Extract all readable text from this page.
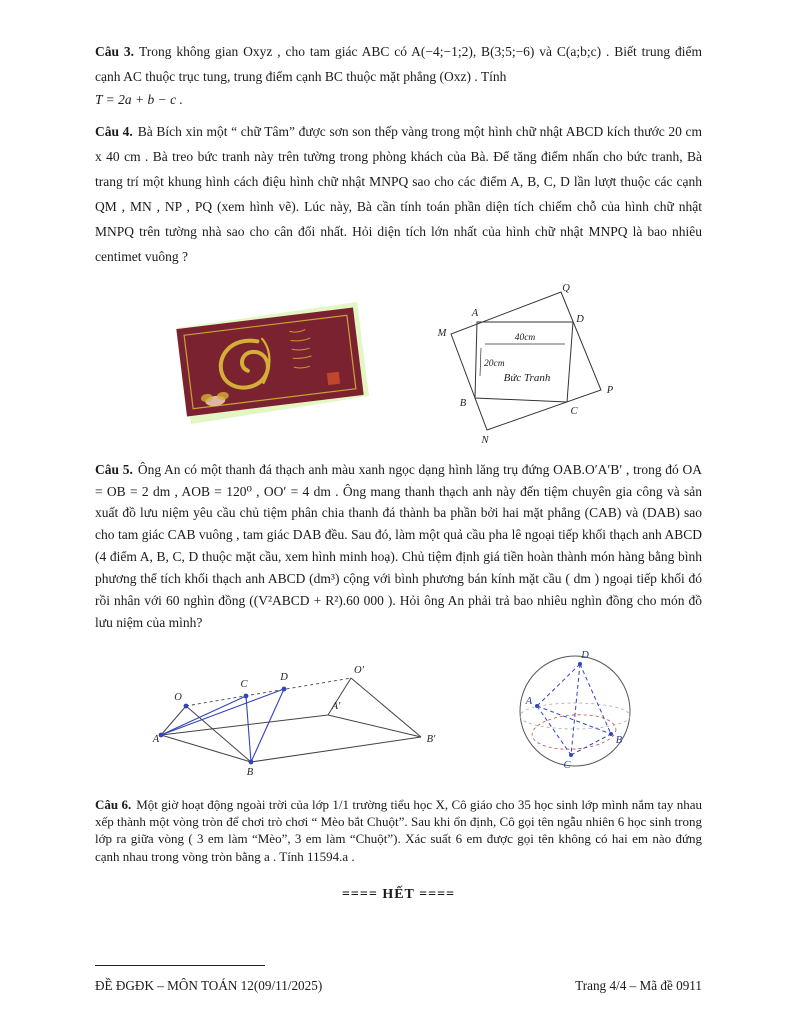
Câu 3. Trong không gian Oxyz , cho tam giác ABC có A(−4;−1;2), B(3;5;−6) và C(a;b;c) . Biết trung điểm cạnh AC thuộc trục tung, trung điểm cạnh BC thuộc mặt phẳng (Oxz) . Tính

T = 2a + b − c .

Câu 4. Bà Bích xin một “ chữ Tâm” được sơn son thếp vàng trong một hình chữ nhật ABCD kích thước 20 cm x 40 cm . Bà treo bức tranh này trên tường trong phòng khách của Bà. Để tăng điểm nhấn cho bức tranh, Bà trang trí một khung hình cách điệu hình chữ nhật MNPQ sao cho các điểm A, B, C, D lần lượt thuộc các cạnh QM , MN , NP , PQ (xem hình vẽ). Lúc này, Bà cần tính toán phần diện tích chiếm chỗ của hình chữ nhật MNPQ trên tường nhà sao cho cân đối nhất. Hỏi diện tích lớn nhất của hình chữ nhật MNPQ là bao nhiêu centimet vuông ?

40cm
20cm
Bức Tranh
A
B
C
D
M
N
P
Q

Câu 5. Ông An có một thanh đá thạch anh màu xanh ngọc dạng hình lăng trụ đứng OAB.O′A′B′ , trong đó OA = OB = 2 dm , AOB = 120⁰ , OO′ = 4 dm . Ông mang thanh thạch anh này đến tiệm chuyên gia công và sản xuất đồ lưu niệm yêu cầu chủ tiệm phân chia thanh đá thành ba phần bởi hai mặt phẳng (CAB) và (DAB) sao cho tam giác CAB vuông , tam giác DAB đều. Sau đó, làm một quả cầu pha lê ngoại tiếp khối thạch anh ABCD (4 điểm A, B, C, D thuộc mặt cầu, xem hình minh hoạ). Chủ tiệm định giá tiền hoàn thành món hàng bằng bình phương thể tích khối thạch anh ABCD (dm³) cộng với bình phương bán kính mặt cầu ( dm ) ngoại tiếp khối đó rồi nhân với 60 nghìn đồng ((V²ABCD + R²).60 000 ). Hỏi ông An phải trả bao nhiêu nghìn đồng cho món đồ lưu niệm của mình?

O
C
D
O′
A
A′
B
B′
D
A
B
C

Câu 6. Một giờ hoạt động ngoài trời của lớp 1/1 trường tiểu học X, Cô giáo cho 35 học sinh lớp mình nắm tay nhau xếp thành một vòng tròn để chơi trò chơi “ Mèo bắt Chuột”. Sau khi ổn định, Cô gọi tên ngẫu nhiên 6 học sinh trong lớp ra giữa vòng ( 3 em làm “Mèo”, 3 em làm “Chuột”). Xác suất 6 em được gọi tên không có hai em nào đứng cạnh nhau trong vòng tròn bằng a . Tính 11594.a .

==== HẾT ====
ĐỀ ĐGĐK – MÔN TOÁN 12(09/11/2025)	Trang 4/4 – Mã đề 0911
